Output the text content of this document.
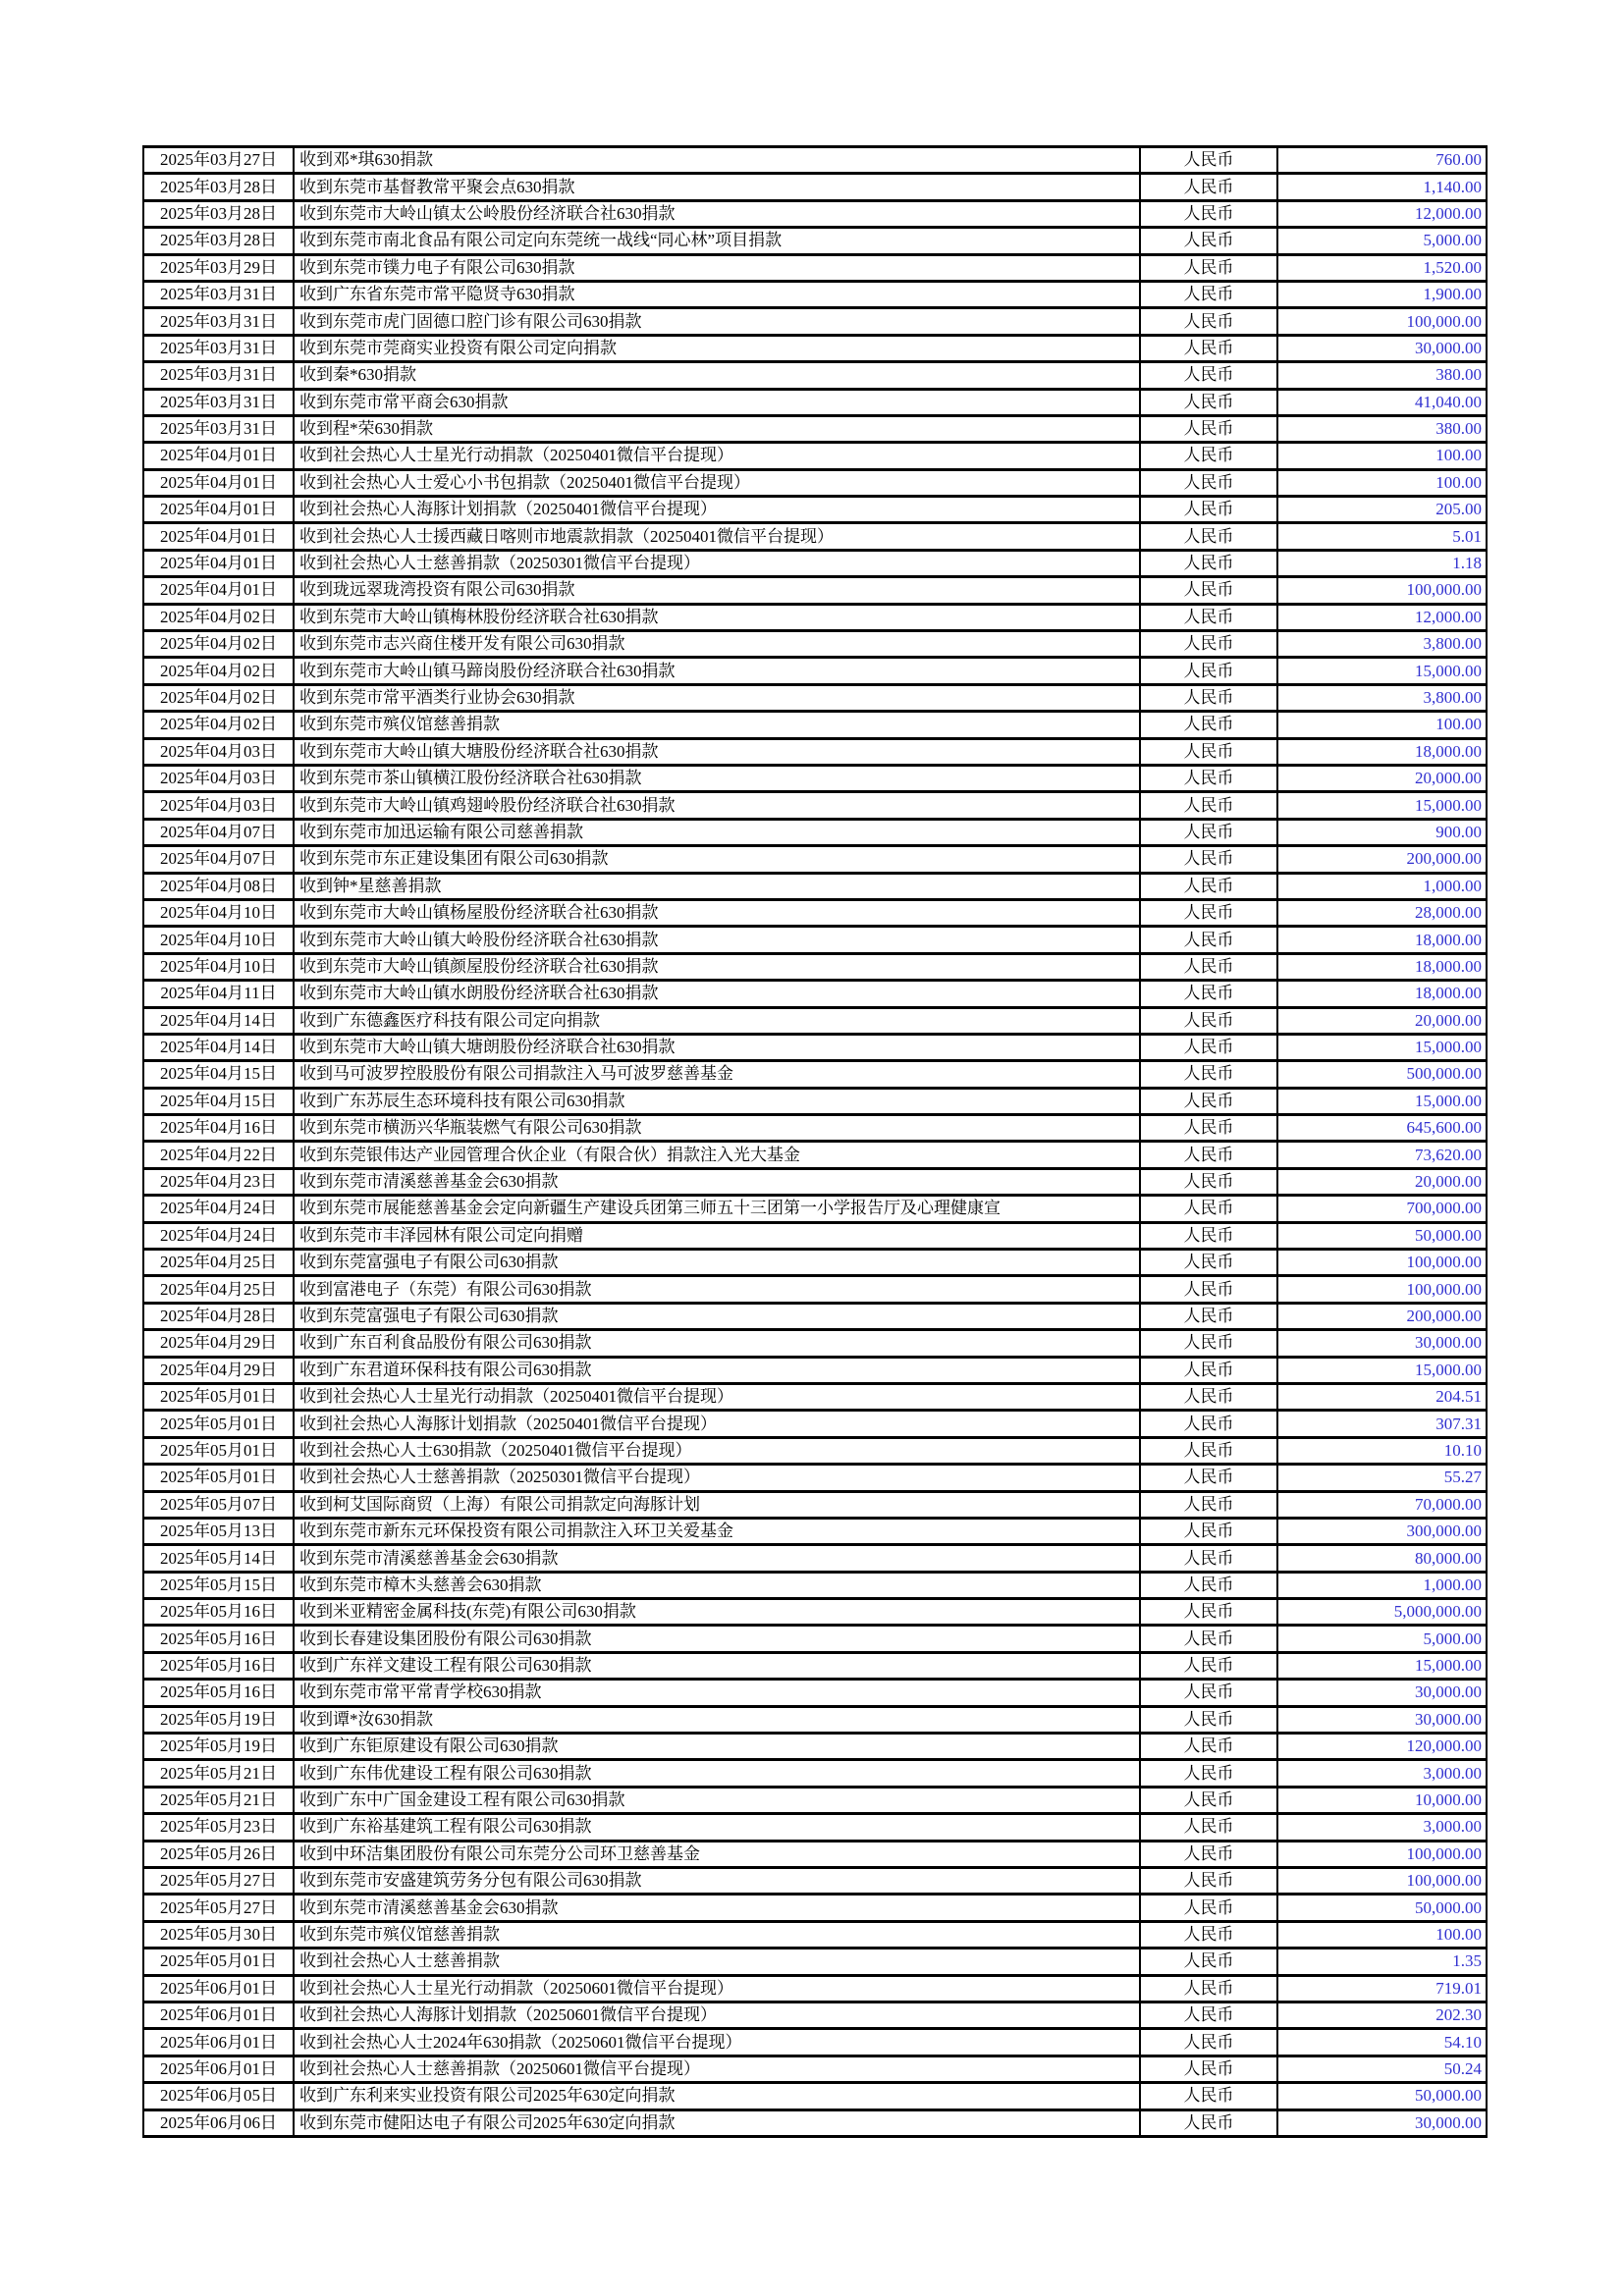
2025年03月27日	收到邓*琪630捐款	人民币	760.00
2025年03月28日	收到东莞市基督教常平聚会点630捐款	人民币	1,140.00
2025年03月28日	收到东莞市大岭山镇太公岭股份经济联合社630捐款	人民币	12,000.00
2025年03月28日	收到东莞市南北食品有限公司定向东莞统一战线“同心林”项目捐款	人民币	5,000.00
2025年03月29日	收到东莞市镤力电子有限公司630捐款	人民币	1,520.00
2025年03月31日	收到广东省东莞市常平隐贤寺630捐款	人民币	1,900.00
2025年03月31日	收到东莞市虎门固德口腔门诊有限公司630捐款	人民币	100,000.00
2025年03月31日	收到东莞市莞商实业投资有限公司定向捐款	人民币	30,000.00
2025年03月31日	收到秦*630捐款	人民币	380.00
2025年03月31日	收到东莞市常平商会630捐款	人民币	41,040.00
2025年03月31日	收到程*荣630捐款	人民币	380.00
2025年04月01日	收到社会热心人士星光行动捐款（20250401微信平台提现）	人民币	100.00
2025年04月01日	收到社会热心人士爱心小书包捐款（20250401微信平台提现）	人民币	100.00
2025年04月01日	收到社会热心人海豚计划捐款（20250401微信平台提现）	人民币	205.00
2025年04月01日	收到社会热心人士援西藏日喀则市地震款捐款（20250401微信平台提现）	人民币	5.01
2025年04月01日	收到社会热心人士慈善捐款（20250301微信平台提现）	人民币	1.18
2025年04月01日	收到珑远翠珑湾投资有限公司630捐款	人民币	100,000.00
2025年04月02日	收到东莞市大岭山镇梅林股份经济联合社630捐款	人民币	12,000.00
2025年04月02日	收到东莞市志兴商住楼开发有限公司630捐款	人民币	3,800.00
2025年04月02日	收到东莞市大岭山镇马蹄岗股份经济联合社630捐款	人民币	15,000.00
2025年04月02日	收到东莞市常平酒类行业协会630捐款	人民币	3,800.00
2025年04月02日	收到东莞市殡仪馆慈善捐款	人民币	100.00
2025年04月03日	收到东莞市大岭山镇大塘股份经济联合社630捐款	人民币	18,000.00
2025年04月03日	收到东莞市茶山镇横江股份经济联合社630捐款	人民币	20,000.00
2025年04月03日	收到东莞市大岭山镇鸡翅岭股份经济联合社630捐款	人民币	15,000.00
2025年04月07日	收到东莞市加迅运输有限公司慈善捐款	人民币	900.00
2025年04月07日	收到东莞市东正建设集团有限公司630捐款	人民币	200,000.00
2025年04月08日	收到钟*星慈善捐款	人民币	1,000.00
2025年04月10日	收到东莞市大岭山镇杨屋股份经济联合社630捐款	人民币	28,000.00
2025年04月10日	收到东莞市大岭山镇大岭股份经济联合社630捐款	人民币	18,000.00
2025年04月10日	收到东莞市大岭山镇颜屋股份经济联合社630捐款	人民币	18,000.00
2025年04月11日	收到东莞市大岭山镇水朗股份经济联合社630捐款	人民币	18,000.00
2025年04月14日	收到广东德鑫医疗科技有限公司定向捐款	人民币	20,000.00
2025年04月14日	收到东莞市大岭山镇大塘朗股份经济联合社630捐款	人民币	15,000.00
2025年04月15日	收到马可波罗控股股份有限公司捐款注入马可波罗慈善基金	人民币	500,000.00
2025年04月15日	收到广东苏辰生态环境科技有限公司630捐款	人民币	15,000.00
2025年04月16日	收到东莞市横沥兴华瓶装燃气有限公司630捐款	人民币	645,600.00
2025年04月22日	收到东莞银伟达产业园管理合伙企业（有限合伙）捐款注入光大基金	人民币	73,620.00
2025年04月23日	收到东莞市清溪慈善基金会630捐款	人民币	20,000.00
2025年04月24日	收到东莞市展能慈善基金会定向新疆生产建设兵团第三师五十三团第一小学报告厅及心理健康宣	人民币	700,000.00
2025年04月24日	收到东莞市丰泽园林有限公司定向捐赠	人民币	50,000.00
2025年04月25日	收到东莞富强电子有限公司630捐款	人民币	100,000.00
2025年04月25日	收到富港电子（东莞）有限公司630捐款	人民币	100,000.00
2025年04月28日	收到东莞富强电子有限公司630捐款	人民币	200,000.00
2025年04月29日	收到广东百利食品股份有限公司630捐款	人民币	30,000.00
2025年04月29日	收到广东君道环保科技有限公司630捐款	人民币	15,000.00
2025年05月01日	收到社会热心人士星光行动捐款（20250401微信平台提现）	人民币	204.51
2025年05月01日	收到社会热心人海豚计划捐款（20250401微信平台提现）	人民币	307.31
2025年05月01日	收到社会热心人士630捐款（20250401微信平台提现）	人民币	10.10
2025年05月01日	收到社会热心人士慈善捐款（20250301微信平台提现）	人民币	55.27
2025年05月07日	收到柯艾国际商贸（上海）有限公司捐款定向海豚计划	人民币	70,000.00
2025年05月13日	收到东莞市新东元环保投资有限公司捐款注入环卫关爱基金	人民币	300,000.00
2025年05月14日	收到东莞市清溪慈善基金会630捐款	人民币	80,000.00
2025年05月15日	收到东莞市樟木头慈善会630捐款	人民币	1,000.00
2025年05月16日	收到米亚精密金属科技(东莞)有限公司630捐款	人民币	5,000,000.00
2025年05月16日	收到长春建设集团股份有限公司630捐款	人民币	5,000.00
2025年05月16日	收到广东祥文建设工程有限公司630捐款	人民币	15,000.00
2025年05月16日	收到东莞市常平常青学校630捐款	人民币	30,000.00
2025年05月19日	收到谭*汝630捐款	人民币	30,000.00
2025年05月19日	收到广东钜原建设有限公司630捐款	人民币	120,000.00
2025年05月21日	收到广东伟优建设工程有限公司630捐款	人民币	3,000.00
2025年05月21日	收到广东中广国金建设工程有限公司630捐款	人民币	10,000.00
2025年05月23日	收到广东裕基建筑工程有限公司630捐款	人民币	3,000.00
2025年05月26日	收到中环洁集团股份有限公司东莞分公司环卫慈善基金	人民币	100,000.00
2025年05月27日	收到东莞市安盛建筑劳务分包有限公司630捐款	人民币	100,000.00
2025年05月27日	收到东莞市清溪慈善基金会630捐款	人民币	50,000.00
2025年05月30日	收到东莞市殡仪馆慈善捐款	人民币	100.00
2025年05月01日	收到社会热心人士慈善捐款	人民币	1.35
2025年06月01日	收到社会热心人士星光行动捐款（20250601微信平台提现）	人民币	719.01
2025年06月01日	收到社会热心人海豚计划捐款（20250601微信平台提现）	人民币	202.30
2025年06月01日	收到社会热心人士2024年630捐款（20250601微信平台提现）	人民币	54.10
2025年06月01日	收到社会热心人士慈善捐款（20250601微信平台提现）	人民币	50.24
2025年06月05日	收到广东利来实业投资有限公司2025年630定向捐款	人民币	50,000.00
2025年06月06日	收到东莞市健阳达电子有限公司2025年630定向捐款	人民币	30,000.00
